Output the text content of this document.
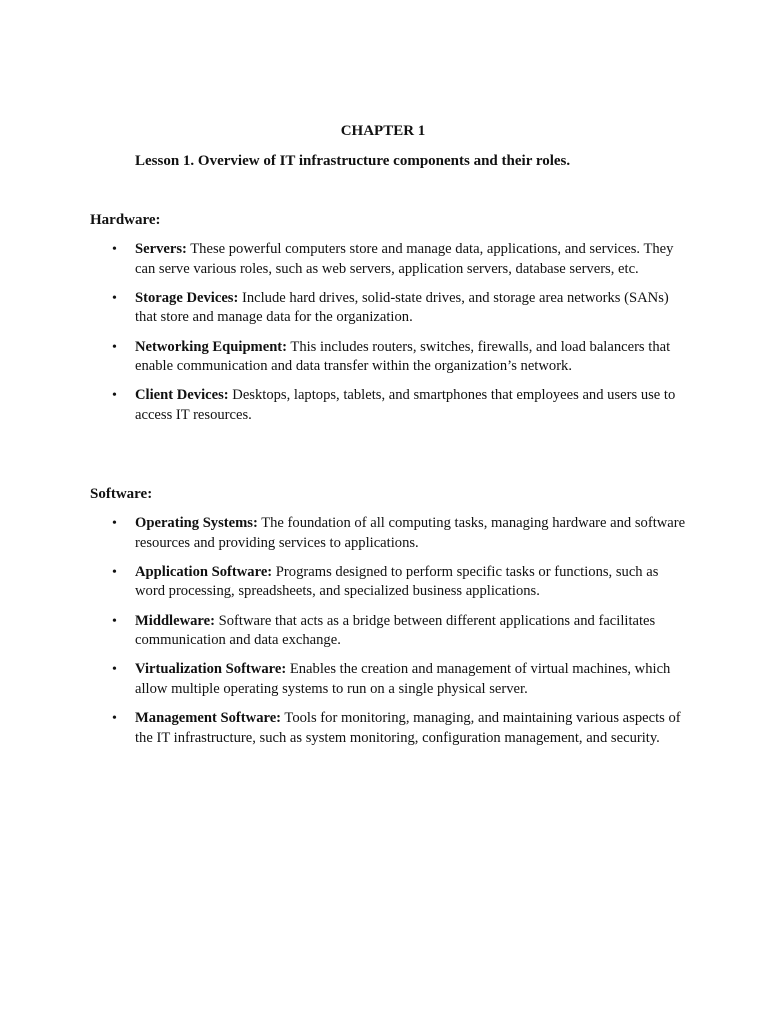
CHAPTER 1
Lesson 1. Overview of IT infrastructure components and their roles.
Hardware:
• Servers: These powerful computers store and manage data, applications, and services. They can serve various roles, such as web servers, application servers, database servers, etc.
• Storage Devices: Include hard drives, solid-state drives, and storage area networks (SANs) that store and manage data for the organization.
• Networking Equipment: This includes routers, switches, firewalls, and load balancers that enable communication and data transfer within the organization’s network.
• Client Devices: Desktops, laptops, tablets, and smartphones that employees and users use to access IT resources.
Software:
• Operating Systems: The foundation of all computing tasks, managing hardware and software resources and providing services to applications.
• Application Software: Programs designed to perform specific tasks or functions, such as word processing, spreadsheets, and specialized business applications.
• Middleware: Software that acts as a bridge between different applications and facilitates communication and data exchange.
• Virtualization Software: Enables the creation and management of virtual machines, which allow multiple operating systems to run on a single physical server.
• Management Software: Tools for monitoring, managing, and maintaining various aspects of the IT infrastructure, such as system monitoring, configuration management, and security.
